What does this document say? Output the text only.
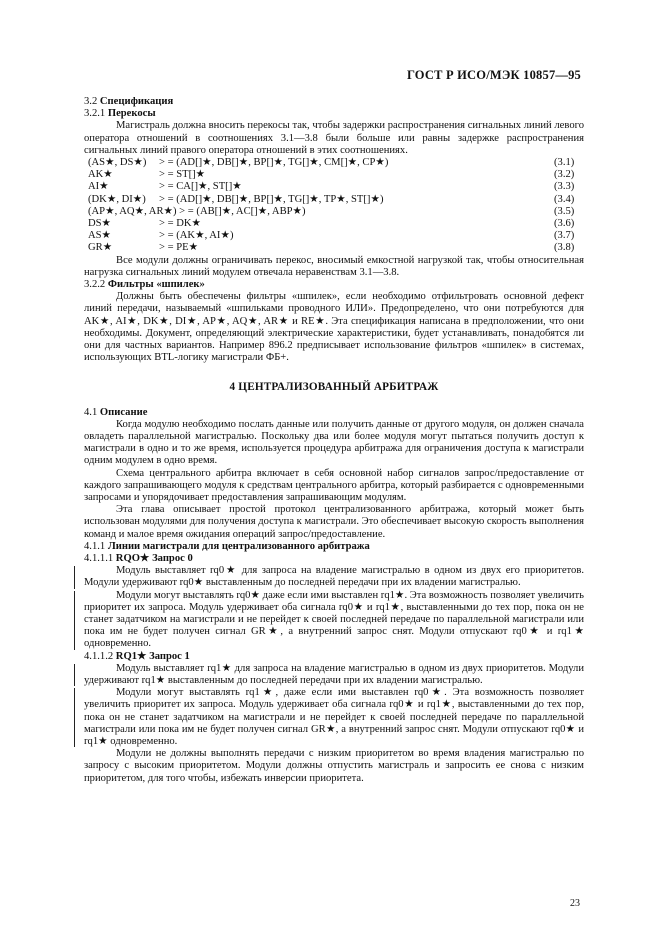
ГОСТ Р ИСО/МЭК 10857—95
3.2 Спецификация
3.2.1 Перекосы

Магистраль должна вносить перекосы так, чтобы задержки распространения сигнальных линий левого оператора отношений в соотношениях 3.1—3.8 были больше или равны задержке распространения сигнальных линий правого оператора отношений в этих соотношениях.

(AS★, DS★)	> = (AD[]★, DB[]★, BP[]★, TG[]★, CM[]★, CP★)	(3.1)
AK★	> = ST[]★	(3.2)
AI★	> = CA[]★, ST[]★	(3.3)
(DK★, DI★)	> = (AD[]★, DB[]★, BP[]★, TG[]★, TP★, ST[]★)	(3.4)
(AP★, AQ★, AR★) > = (AB[]★, AC[]★, ABP★)	(3.5)
DS★	> = DK★	(3.6)
AS★	> = (AK★, AI★)	(3.7)
GR★	> = PE★	(3.8)

Все модули должны ограничивать перекос, вносимый емкостной нагрузкой так, чтобы относительная нагрузка сигнальных линий модулем отвечала неравенствам 3.1—3.8.

3.2.2 Фильтры «шпилек»

Должны быть обеспечены фильтры «шпилек», если необходимо отфильтровать основной дефект линий передачи, называемый «шпильками проводного ИЛИ». Предопределено, что они потребуются для AK★, AI★, DK★, DI★, AP★, AQ★, AR★ и RE★. Эта спецификация написана в предположении, что они необходимы. Документ, определяющий электрические характеристики, будет устанавливать, понадобятся ли они для частных вариантов. Например 896.2 предписывает использование фильтров «шпилек» в системах, использующих BTL-логику магистрали ФБ+.

4 ЦЕНТРАЛИЗОВАННЫЙ АРБИТРАЖ
4.1 Описание

Когда модулю необходимо послать данные или получить данные от другого модуля, он должен сначала овладеть параллельной магистралью. Поскольку два или более модуля могут пытаться получить доступ к магистрали в одно и то же время, используется процедура арбитража для ограничения доступа к магистрали одним модулем в одно время.

Схема центрального арбитра включает в себя основной набор сигналов запрос/предоставление от каждого запрашивающего модуля к средствам центрального арбитра, который разбирается с одновременными запросами и упорядочивает предоставления запрашивающим модулям.

Эта глава описывает простой протокол централизованного арбитража, который может быть использован модулями для получения доступа к магистрали. Это обеспечивает высокую скорость выполнения команд и малое время ожидания операций запрос/предоставление.

4.1.1 Линии магистрали для централизованного арбитража
4.1.1.1 RQO★ Запрос 0

Модуль выставляет rq0★ для запроса на владение магистралью в одном из двух его приоритетов. Модули удерживают rq0★ выставленным до последней передачи при их владении магистралью.

Модули могут выставлять rq0★ даже если ими выставлен rq1★. Эта возможность позволяет увеличить приоритет их запроса. Модуль удерживает оба сигнала rq0★ и rq1★, выставленными до тех пор, пока он не станет задатчиком на магистрали и не перейдет к своей последней передаче по параллельной магистрали или пока им не будет получен сигнал GR★, а внутренний запрос снят. Модули отпускают rq0★ и rq1★ одновременно.

4.1.1.2 RQ1★ Запрос 1

Модуль выставляет rq1★ для запроса на владение магистралью в одном из двух приоритетов. Модули удерживают rq1★ выставленным до последней передачи при их владении магистралью.

Модули могут выставлять rq1★, даже если ими выставлен rq0★. Эта возможность позволяет увеличить приоритет их запроса. Модуль удерживает оба сигнала rq0★ и rq1★, выставленными до тех пор, пока он не станет задатчиком на магистрали и не перейдет к своей последней передаче по параллельной магистрали или пока им не будет получен сигнал GR★, а внутренний запрос снят. Модули отпускают rq0★ и rq1★ одновременно.

Модули не должны выполнять передачи с низким приоритетом во время владения магистралью по запросу с высоким приоритетом. Модули должны отпустить магистраль и запросить ее снова с низким приоритетом, для того чтобы, избежать инверсии приоритета.

23
